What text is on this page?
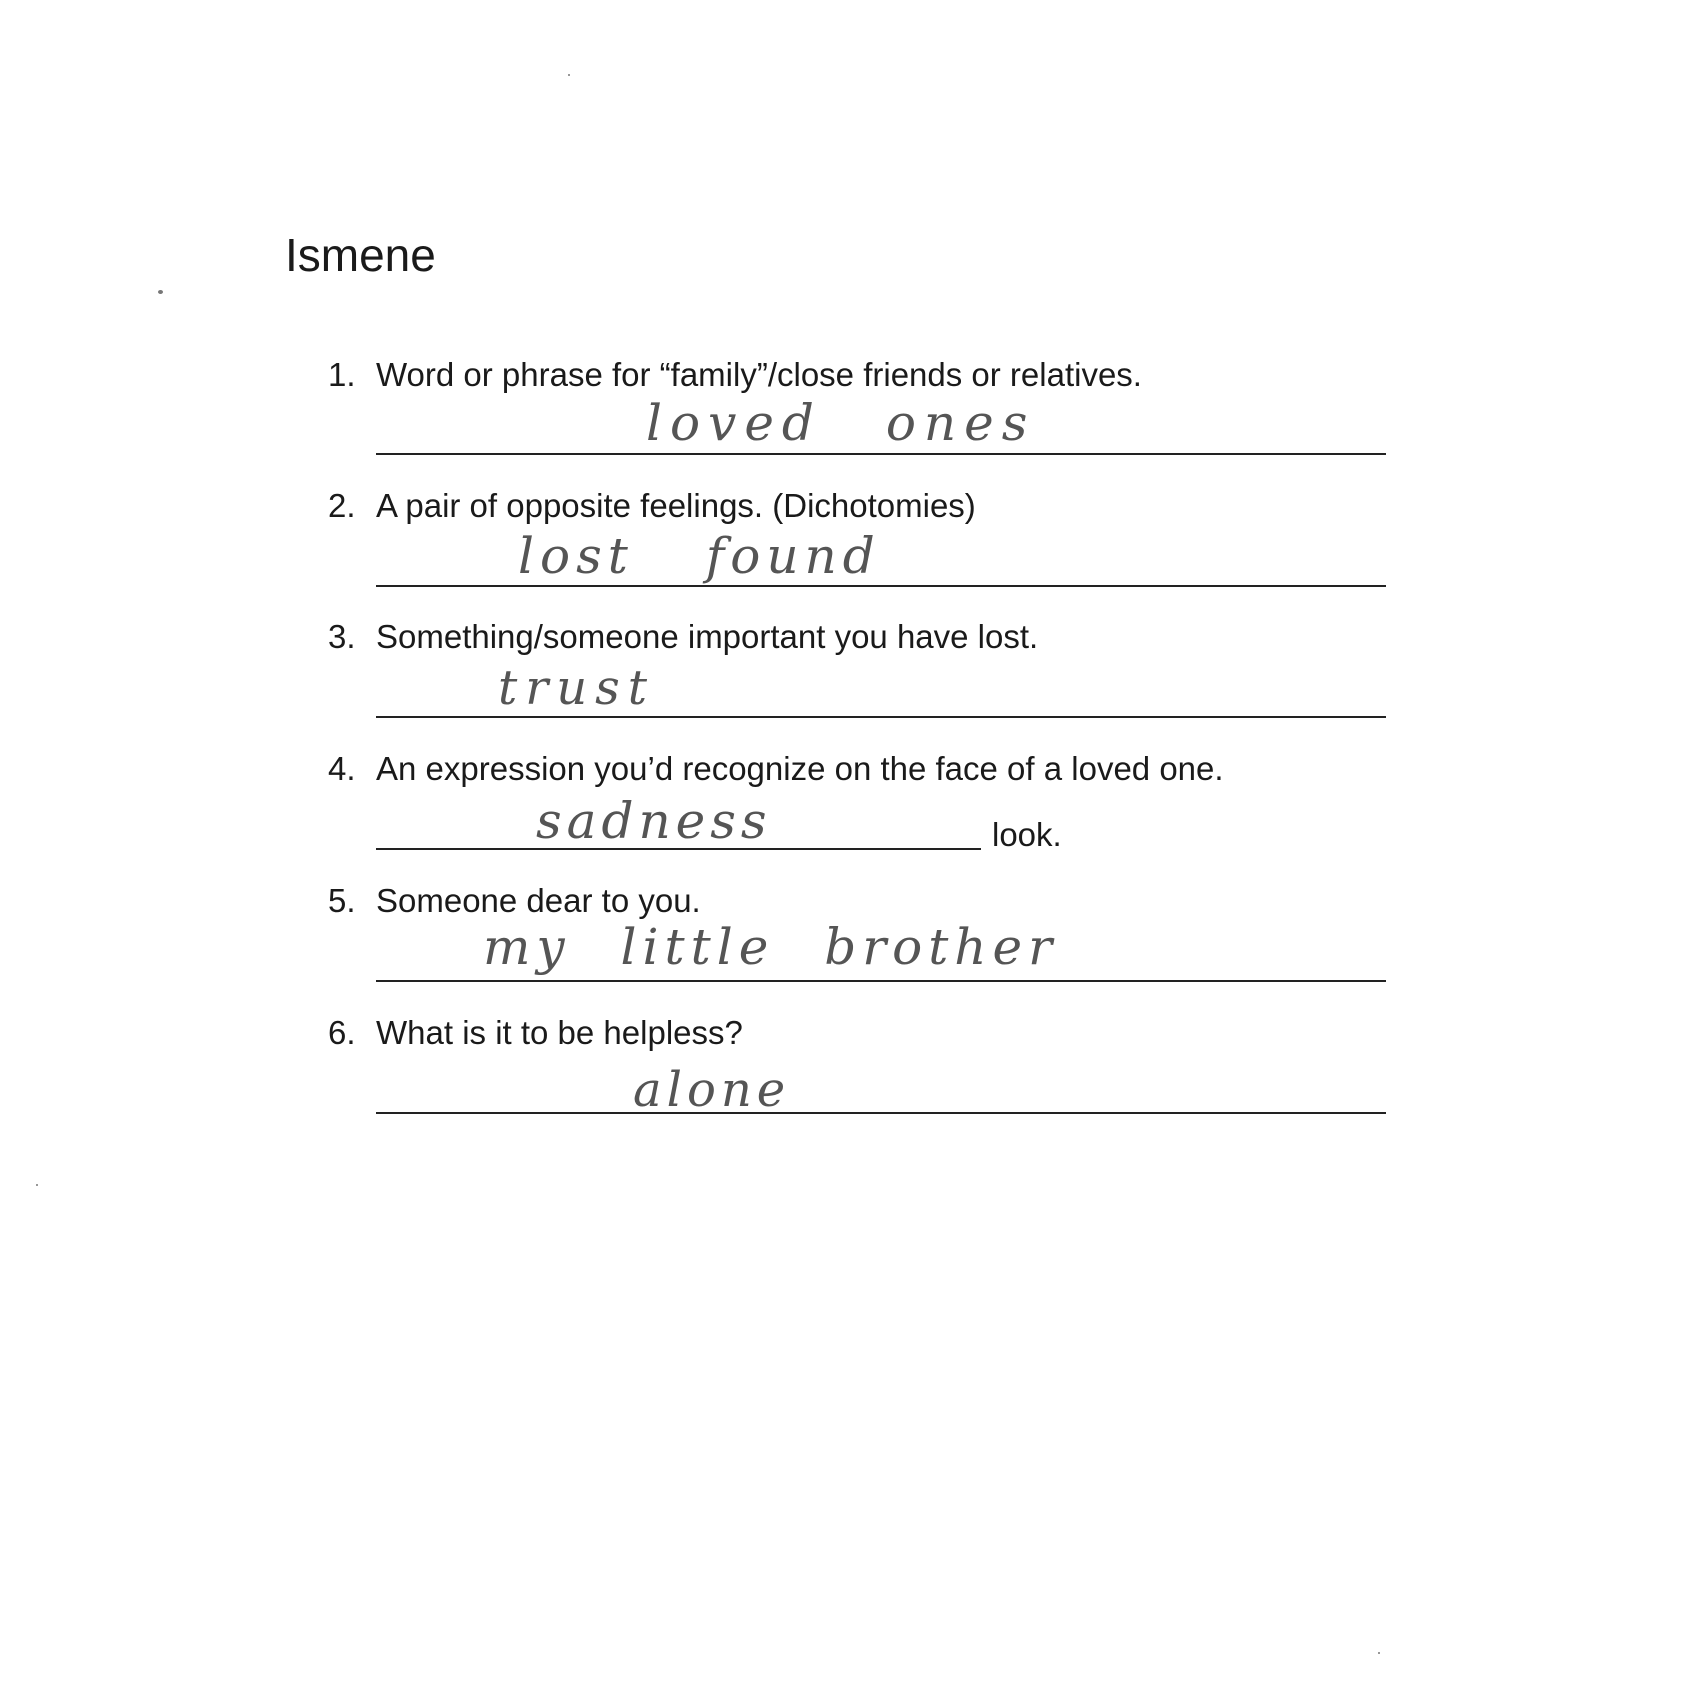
Ismene
1. Word or phrase for “family”/close friends or relatives.
loved ones
2. A pair of opposite feelings. (Dichotomies)
lost found
3. Something/someone important you have lost.
trust
4. An expression you’d recognize on the face of a loved one.
sadness	look.
5. Someone dear to you.
my little brother
6. What is it to be helpless?
alone
